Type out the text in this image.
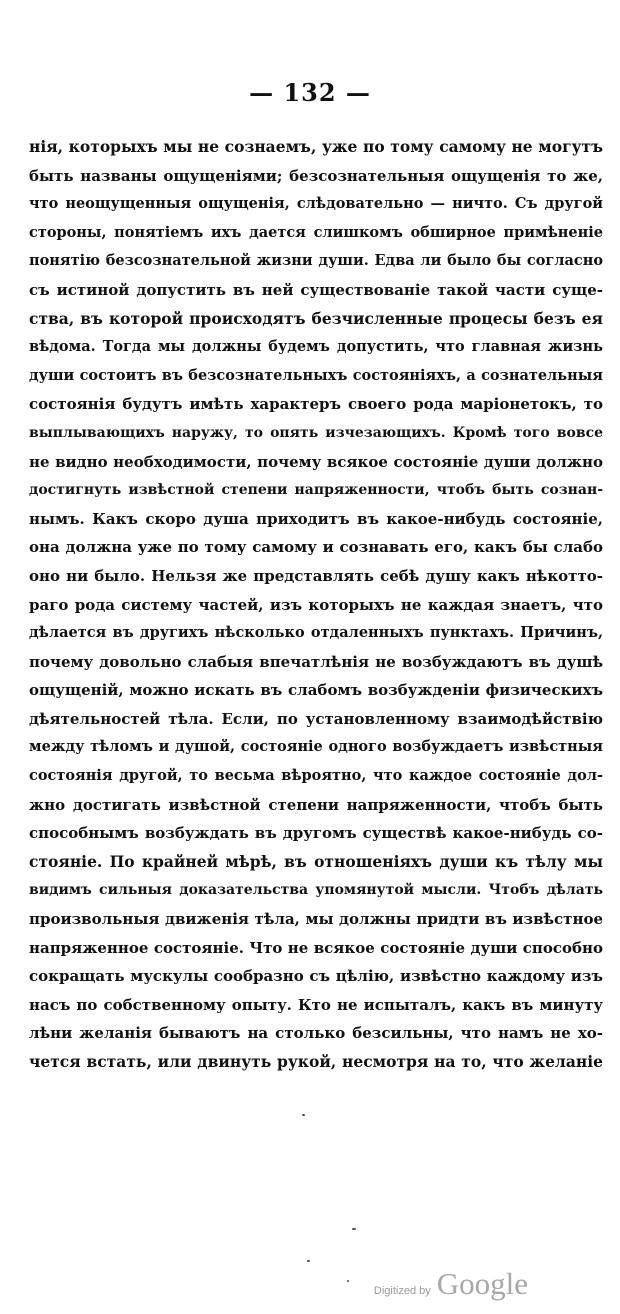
— 132 —
нія, которыхъ мы не сознаемъ, уже по тому самому не могутъ
быть названы ощущеніями; безсознательныя ощущенія то же,
что неощущенныя ощущенія, слѣдовательно — ничто. Съ другой
стороны, понятіемъ ихъ дается слишкомъ обширное примѣненіе
понятію безсознательной жизни души. Едва ли было бы согласно
съ истиной допустить въ ней существованіе такой части суще-
ства, въ которой происходятъ безчисленные процесы безъ ея
вѣдома. Тогда мы должны будемъ допустить, что главная жизнь
души состоитъ въ безсознательныхъ состояніяхъ, а сознательныя
состоянія будутъ имѣть характеръ своего рода маріонетокъ, то
выплывающихъ наружу, то опять изчезающихъ. Кромѣ того вовсе
не видно необходимости, почему всякое состояніе души должно
достигнуть извѣстной степени напряженности, чтобъ быть сознан-
нымъ. Какъ скоро душа приходитъ въ какое-нибудь состояніе,
она должна уже по тому самому и сознавать его, какъ бы слабо
оно ни было. Нельзя же представлять себѣ душу какъ нѣкотто-
раго рода систему частей, изъ которыхъ не каждая знаетъ, что
дѣлается въ другихъ нѣсколько отдаленныхъ пунктахъ. Причинъ,
почему довольно слабыя впечатлѣнія не возбуждаютъ въ душѣ
ощущеній, можно искать въ слабомъ возбужденіи физическихъ
дѣятельностей тѣла. Если, по установленному взаимодѣйствію
между тѣломъ и душой, состояніе одного возбуждаетъ извѣстныя
состоянія другой, то весьма вѣроятно, что каждое состояніе дол-
жно достигать извѣстной степени напряженности, чтобъ быть
способнымъ возбуждать въ другомъ существѣ какое-нибудь со-
стояніе. По крайней мѣрѣ, въ отношеніяхъ души къ тѣлу мы
видимъ сильныя доказательства упомянутой мысли. Чтобъ дѣлать
произвольныя движенія тѣла, мы должны придти въ извѣстное
напряженное состояніе. Что не всякое состояніе души способно
сокращать мускулы сообразно съ цѣлію, извѣстно каждому изъ
насъ по собственному опыту. Кто не испыталъ, какъ въ минуту
лѣни желанія бываютъ на столько безсильны, что намъ не хо-
чется встать, или двинуть рукой, несмотря на то, что желаніе
Digitized by Google
